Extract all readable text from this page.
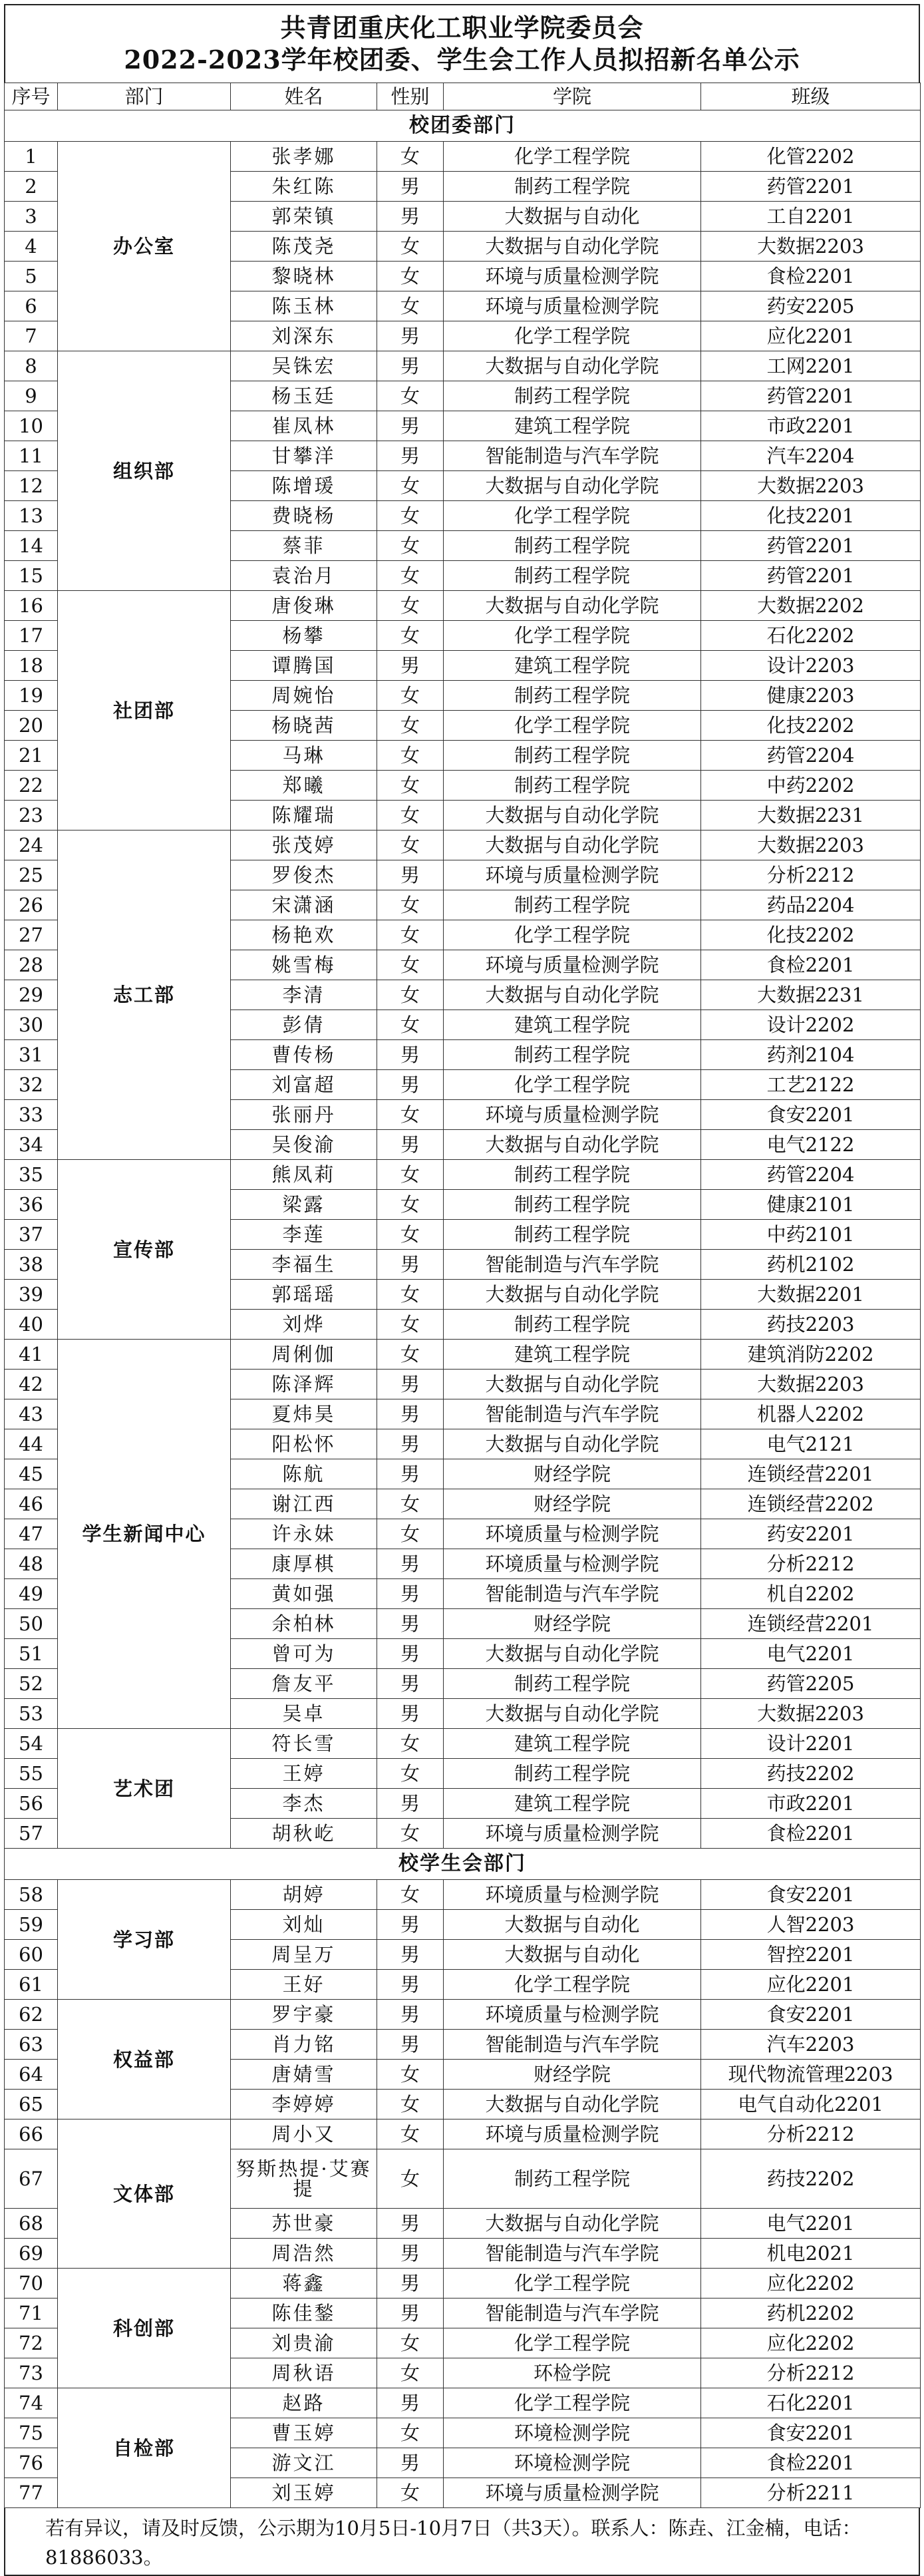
共青团重庆化工职业学院委员会
2022-2023学年校团委、学生会工作人员拟招新名单公示
序号	部门	姓名	性别	学院	班级
校团委部门					
1	办公室	张孝娜	女	化学工程学院	化管2202
2		朱红陈	男	制药工程学院	药管2201
3		郭荣镇	男	大数据与自动化	工自2201
4		陈茂尧	女	大数据与自动化学院	大数据2203
5		黎晓林	女	环境与质量检测学院	食检2201
6		陈玉林	女	环境与质量检测学院	药安2205
7		刘深东	男	化学工程学院	应化2201
8	组织部	吴铢宏	男	大数据与自动化学院	工网2201
9		杨玉廷	女	制药工程学院	药管2201
10		崔凤林	男	建筑工程学院	市政2201
11		甘攀洋	男	智能制造与汽车学院	汽车2204
12		陈增瑗	女	大数据与自动化学院	大数据2203
13		费晓杨	女	化学工程学院	化技2201
14		蔡菲	女	制药工程学院	药管2201
15		袁治月	女	制药工程学院	药管2201
16	社团部	唐俊琳	女	大数据与自动化学院	大数据2202
17		杨攀	女	化学工程学院	石化2202
18		谭腾国	男	建筑工程学院	设计2203
19		周婉怡	女	制药工程学院	健康2203
20		杨晓茜	女	化学工程学院	化技2202
21		马琳	女	制药工程学院	药管2204
22		郑曦	女	制药工程学院	中药2202
23		陈耀瑞	女	大数据与自动化学院	大数据2231
24	志工部	张茂婷	女	大数据与自动化学院	大数据2203
25		罗俊杰	男	环境与质量检测学院	分析2212
26		宋潇涵	女	制药工程学院	药品2204
27		杨艳欢	女	化学工程学院	化技2202
28		姚雪梅	女	环境与质量检测学院	食检2201
29		李清	女	大数据与自动化学院	大数据2231
30		彭倩	女	建筑工程学院	设计2202
31		曹传杨	男	制药工程学院	药剂2104
32		刘富超	男	化学工程学院	工艺2122
33		张丽丹	女	环境与质量检测学院	食安2201
34		吴俊渝	男	大数据与自动化学院	电气2122
35	宣传部	熊凤莉	女	制药工程学院	药管2204
36		梁露	女	制药工程学院	健康2101
37		李莲	女	制药工程学院	中药2101
38		李福生	男	智能制造与汽车学院	药机2102
39		郭瑶瑶	女	大数据与自动化学院	大数据2201
40		刘烨	女	制药工程学院	药技2203
41	学生新闻中心	周俐伽	女	建筑工程学院	建筑消防2202
42		陈泽辉	男	大数据与自动化学院	大数据2203
43		夏炜昊	男	智能制造与汽车学院	机器人2202
44		阳松怀	男	大数据与自动化学院	电气2121
45		陈航	男	财经学院	连锁经营2201
46		谢江西	女	财经学院	连锁经营2202
47		许永妹	女	环境质量与检测学院	药安2201
48		康厚棋	男	环境质量与检测学院	分析2212
49		黄如强	男	智能制造与汽车学院	机自2202
50		余柏林	男	财经学院	连锁经营2201
51		曾可为	男	大数据与自动化学院	电气2201
52		詹友平	男	制药工程学院	药管2205
53		吴卓	男	大数据与自动化学院	大数据2203
54	艺术团	符长雪	女	建筑工程学院	设计2201
55		王婷	女	制药工程学院	药技2202
56		李杰	男	建筑工程学院	市政2201
57		胡秋屹	女	环境与质量检测学院	食检2201
校学生会部门					
58	学习部	胡婷	女	环境质量与检测学院	食安2201
59		刘灿	男	大数据与自动化	人智2203
60		周呈万	男	大数据与自动化	智控2201
61		王好	男	化学工程学院	应化2201
62	权益部	罗宇豪	男	环境质量与检测学院	食安2201
63		肖力铭	男	智能制造与汽车学院	汽车2203
64		唐婧雪	女	财经学院	现代物流管理2203
65		李婷婷	女	大数据与自动化学院	电气自动化2201
66	文体部	周小又	女	环境与质量检测学院	分析2212
67		努斯热提·艾赛提	女	制药工程学院	药技2202
68		苏世豪	男	大数据与自动化学院	电气2201
69		周浩然	男	智能制造与汽车学院	机电2021
70	科创部	蒋鑫	男	化学工程学院	应化2202
71		陈佳鍫	男	智能制造与汽车学院	药机2202
72		刘贵渝	女	化学工程学院	应化2202
73		周秋语	女	环检学院	分析2212
74	自检部	赵路	男	化学工程学院	石化2201
75		曹玉婷	女	环境检测学院	食安2201
76		游文江	男	环境检测学院	食检2201
77		刘玉婷	女	环境与质量检测学院	分析2211
若有异议，请及时反馈，公示期为10月5日-10月7日（共3天）。联系人：陈垚、江金楠，电话：81886033。
